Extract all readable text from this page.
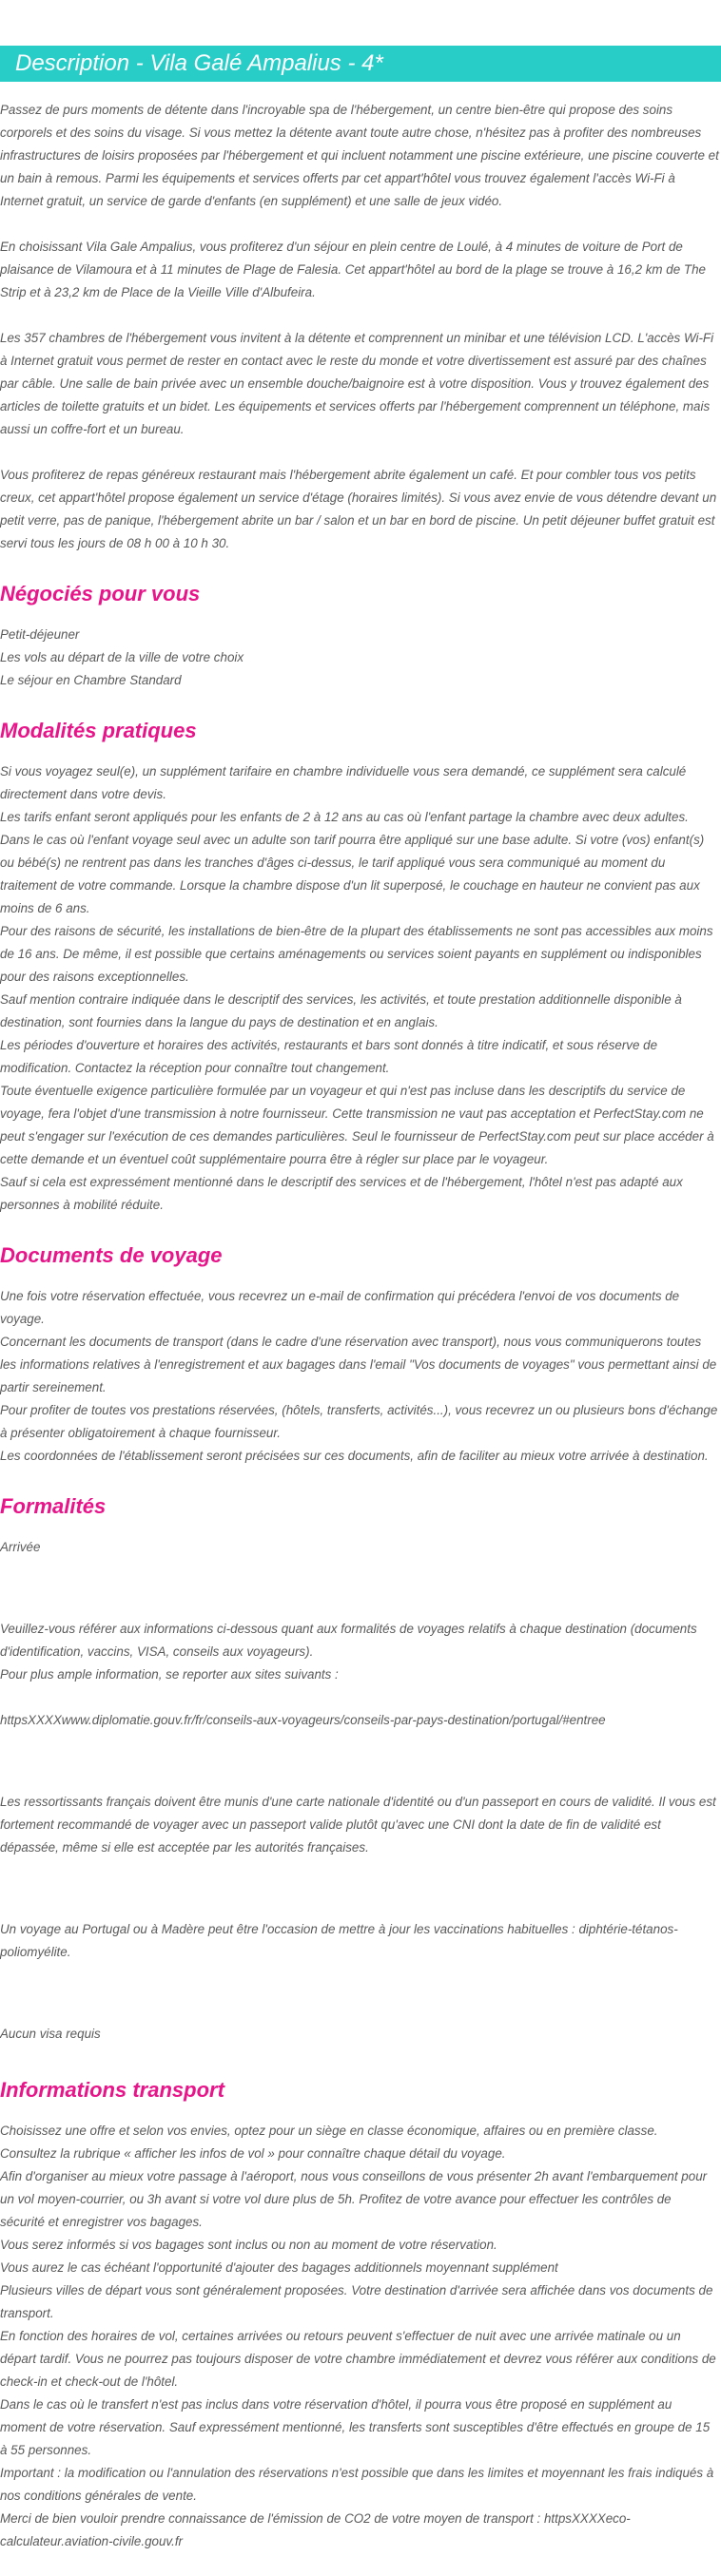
Description - Vila Galé Ampalius - 4*

Passez de purs moments de détente dans l'incroyable spa de l'hébergement, un centre bien-être qui propose des soins corporels et des soins du visage. Si vous mettez la détente avant toute autre chose, n'hésitez pas à profiter des nombreuses infrastructures de loisirs proposées par l'hébergement et qui incluent notamment une piscine extérieure, une piscine couverte et un bain à remous. Parmi les équipements et services offerts par cet appart'hôtel vous trouvez également l'accès Wi-Fi à Internet gratuit, un service de garde d'enfants (en supplément) et une salle de jeux vidéo.

En choisissant Vila Gale Ampalius, vous profiterez d'un séjour en plein centre de Loulé, à 4 minutes de voiture de Port de plaisance de Vilamoura et à 11 minutes de Plage de Falesia. Cet appart'hôtel au bord de la plage se trouve à 16,2 km de The Strip et à 23,2 km de Place de la Vieille Ville d'Albufeira.

Les 357 chambres de l'hébergement vous invitent à la détente et comprennent un minibar et une télévision LCD. L'accès Wi-Fi à Internet gratuit vous permet de rester en contact avec le reste du monde et votre divertissement est assuré par des chaînes par câble. Une salle de bain privée avec un ensemble douche/baignoire est à votre disposition. Vous y trouvez également des articles de toilette gratuits et un bidet. Les équipements et services offerts par l'hébergement comprennent un téléphone, mais aussi un coffre-fort et un bureau.

Vous profiterez de repas généreux restaurant mais l'hébergement abrite également un café. Et pour combler tous vos petits creux, cet appart'hôtel propose également un service d'étage (horaires limités). Si vous avez envie de vous détendre devant un petit verre, pas de panique, l'hébergement abrite un bar / salon et un bar en bord de piscine. Un petit déjeuner buffet gratuit est servi tous les jours de 08 h 00 à 10 h 30.

Négociés pour vous
Petit-déjeuner
Les vols au départ de la ville de votre choix
Le séjour en Chambre Standard
Modalités pratiques
Si vous voyagez seul(e), un supplément tarifaire en chambre individuelle vous sera demandé, ce supplément sera calculé directement dans votre devis.
Les tarifs enfant seront appliqués pour les enfants de 2 à 12 ans au cas où l'enfant partage la chambre avec deux adultes.
Dans le cas où l'enfant voyage seul avec un adulte son tarif pourra être appliqué sur une base adulte. Si votre (vos) enfant(s) ou bébé(s) ne rentrent pas dans les tranches d'âges ci-dessus, le tarif appliqué vous sera communiqué au moment du traitement de votre commande. Lorsque la chambre dispose d'un lit superposé, le couchage en hauteur ne convient pas aux moins de 6 ans.
Pour des raisons de sécurité, les installations de bien-être de la plupart des établissements ne sont pas accessibles aux moins de 16 ans. De même, il est possible que certains aménagements ou services soient payants en supplément ou indisponibles pour des raisons exceptionnelles.
Sauf mention contraire indiquée dans le descriptif des services, les activités, et toute prestation additionnelle disponible à destination, sont fournies dans la langue du pays de destination et en anglais.
Les périodes d'ouverture et horaires des activités, restaurants et bars sont donnés à titre indicatif, et sous réserve de modification. Contactez la réception pour connaître tout changement.
Toute éventuelle exigence particulière formulée par un voyageur et qui n'est pas incluse dans les descriptifs du service de voyage, fera l'objet d'une transmission à notre fournisseur. Cette transmission ne vaut pas acceptation et PerfectStay.com ne peut s'engager sur l'exécution de ces demandes particulières. Seul le fournisseur de PerfectStay.com peut sur place accéder à cette demande et un éventuel coût supplémentaire pourra être à régler sur place par le voyageur.
Sauf si cela est expressément mentionné dans le descriptif des services et de l'hébergement, l'hôtel n'est pas adapté aux personnes à mobilité réduite.
Documents de voyage
Une fois votre réservation effectuée, vous recevrez un e-mail de confirmation qui précédera l'envoi de vos documents de voyage.
Concernant les documents de transport (dans le cadre d'une réservation avec transport), nous vous communiquerons toutes les informations relatives à l'enregistrement et aux bagages dans l'email "Vos documents de voyages" vous permettant ainsi de partir sereinement.
Pour profiter de toutes vos prestations réservées, (hôtels, transferts, activités...), vous recevrez un ou plusieurs bons d'échange à présenter obligatoirement à chaque fournisseur.
Les coordonnées de l'établissement seront précisées sur ces documents, afin de faciliter au mieux votre arrivée à destination.
Formalités
Arrivée
Veuillez-vous référer aux informations ci-dessous quant aux formalités de voyages relatifs à chaque destination (documents d'identification, vaccins, VISA, conseils aux voyageurs).
Pour plus ample information, se reporter aux sites suivants :
httpsXXXXwww.diplomatie.gouv.fr/fr/conseils-aux-voyageurs/conseils-par-pays-destination/portugal/#entree
Les ressortissants français doivent être munis d'une carte nationale d'identité ou d'un passeport en cours de validité. Il vous est fortement recommandé de voyager avec un passeport valide plutôt qu'avec une CNI dont la date de fin de validité est dépassée, même si elle est acceptée par les autorités françaises.
Un voyage au Portugal ou à Madère peut être l'occasion de mettre à jour les vaccinations habituelles : diphtérie-tétanos-poliomyélite.
Aucun visa requis
Informations transport
Choisissez une offre et selon vos envies, optez pour un siège en classe économique, affaires ou en première classe.
Consultez la rubrique « afficher les infos de vol » pour connaître chaque détail du voyage.
Afin d'organiser au mieux votre passage à l'aéroport, nous vous conseillons de vous présenter 2h avant l'embarquement pour un vol moyen-courrier, ou 3h avant si votre vol dure plus de 5h. Profitez de votre avance pour effectuer les contrôles de sécurité et enregistrer vos bagages.
Vous serez informés si vos bagages sont inclus ou non au moment de votre réservation.
Vous aurez le cas échéant l'opportunité d'ajouter des bagages additionnels moyennant supplément
Plusieurs villes de départ vous sont généralement proposées. Votre destination d'arrivée sera affichée dans vos documents de transport.
En fonction des horaires de vol, certaines arrivées ou retours peuvent s'effectuer de nuit avec une arrivée matinale ou un départ tardif. Vous ne pourrez pas toujours disposer de votre chambre immédiatement et devrez vous référer aux conditions de check-in et check-out de l'hôtel.
Dans le cas où le transfert n'est pas inclus dans votre réservation d'hôtel, il pourra vous être proposé en supplément au moment de votre réservation. Sauf expressément mentionné, les transferts sont susceptibles d'être effectués en groupe de 15 à 55 personnes.
Important : la modification ou l'annulation des réservations n'est possible que dans les limites et moyennant les frais indiqués à nos conditions générales de vente.
Merci de bien vouloir prendre connaissance de l'émission de CO2 de votre moyen de transport : httpsXXXXeco-calculateur.aviation-civile.gouv.fr
